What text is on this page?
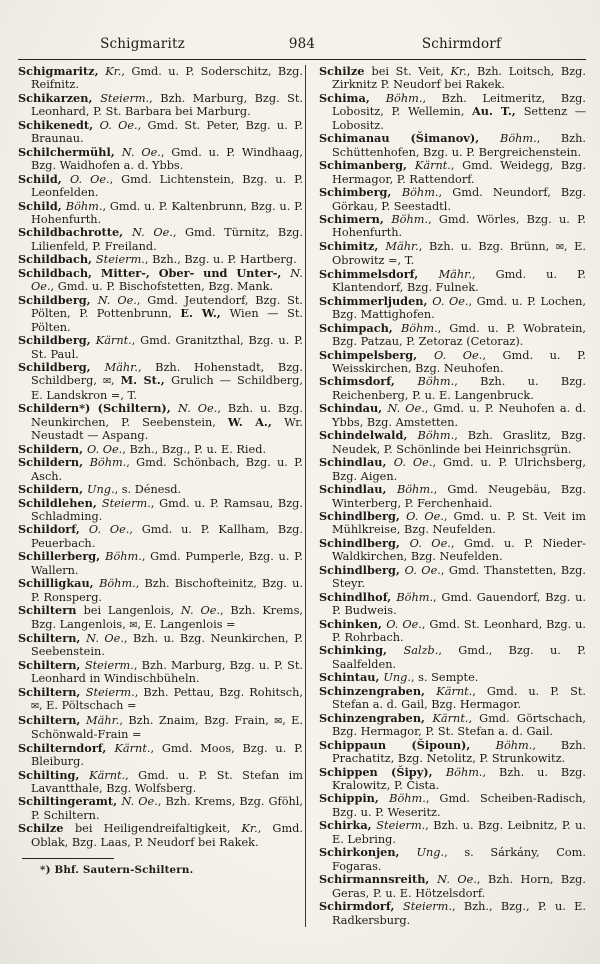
Schigmaritz	984	Schirmdorf

Schigmaritz, Kr., Gmd. u. P. Soderschitz, Bzg. Reifnitz.

Schikarzen, Steierm., Bzh. Marburg, Bzg. St. Leonhard, P. St. Barbara bei Marburg.

Schikenedt, O. Oe., Gmd. St. Peter, Bzg. u. P. Braunau.

Schilchermühl, N. Oe., Gmd. u. P. Windhaag, Bzg. Waidhofen a. d. Ybbs.

Schild, O. Oe., Gmd. Lichtenstein, Bzg. u. P. Leonfelden.

Schild, Böhm., Gmd. u. P. Kaltenbrunn, Bzg. u. P. Hohenfurth.

Schildbachrotte, N. Oe., Gmd. Türnitz, Bzg. Lilienfeld, P. Freiland.

Schildbach, Steierm., Bzh., Bzg. u. P. Hartberg.

Schildbach, Mitter-, Ober- und Unter-, N. Oe., Gmd. u. P. Bischofstetten, Bzg. Mank.

Schildberg, N. Oe., Gmd. Jeutendorf, Bzg. St. Pölten, P. Pottenbrunn, E. W., Wien — St. Pölten.

Schildberg, Kärnt., Gmd. Granitzthal, Bzg. u. P. St. Paul.

Schildberg, Mähr., Bzh. Hohenstadt, Bzg. Schildberg, ✉, M. St., Grulich — Schildberg, E. Landskron =, T.

Schildern*) (Schiltern), N. Oe., Bzh. u. Bzg. Neunkirchen, P. Seebenstein, W. A., Wr. Neustadt — Aspang.

Schildern, O. Oe., Bzh., Bzg., P. u. E. Ried.

Schildern, Böhm., Gmd. Schönbach, Bzg. u. P. Asch.

Schildern, Ung., s. Dénesd.

Schildlehen, Steierm., Gmd. u. P. Ramsau, Bzg. Schladming.

Schildorf, O. Oe., Gmd. u. P. Kallham, Bzg. Peuerbach.

Schillerberg, Böhm., Gmd. Pumperle, Bzg. u. P. Wallern.

Schilligkau, Böhm., Bzh. Bischofteinitz, Bzg. u. P. Ronsperg.

Schiltern bei Langenlois, N. Oe., Bzh. Krems, Bzg. Langenlois, ✉, E. Langenlois =

Schiltern, N. Oe., Bzh. u. Bzg. Neunkirchen, P. Seebenstein.

Schiltern, Steierm., Bzh. Marburg, Bzg. u. P. St. Leonhard in Windischbüheln.

Schiltern, Steierm., Bzh. Pettau, Bzg. Rohitsch, ✉, E. Pöltschach =

Schiltern, Mähr., Bzh. Znaim, Bzg. Frain, ✉, E. Schönwald-Frain =

Schilterndorf, Kärnt., Gmd. Moos, Bzg. u. P. Bleiburg.

Schilting, Kärnt., Gmd. u. P. St. Stefan im Lavantthale, Bzg. Wolfsberg.

Schiltingeramt, N. Oe., Bzh. Krems, Bzg. Gföhl, P. Schiltern.

Schilze bei Heiligendreifaltigkeit, Kr., Gmd. Oblak, Bzg. Laas, P. Neudorf bei Rakek.

*) Bhf. Sautern-Schiltern.

Schilze bei St. Veit, Kr., Bzh. Loitsch, Bzg. Zirknitz P. Neudorf bei Rakek.

Schima, Böhm., Bzh. Leitmeritz, Bzg. Lobositz, P. Wellemin, Au. T., Settenz — Lobositz.

Schimanau (Šimanov), Böhm., Bzh. Schüttenhofen, Bzg. u. P. Bergreichenstein.

Schimanberg, Kärnt., Gmd. Weidegg, Bzg. Hermagor, P. Rattendorf.

Schimberg, Böhm., Gmd. Neundorf, Bzg. Görkau, P. Seestadtl.

Schimern, Böhm., Gmd. Wörles, Bzg. u. P. Hohenfurth.

Schimitz, Mähr., Bzh. u. Bzg. Brünn, ✉, E. Obrowitz =, T.

Schimmelsdorf, Mähr., Gmd. u. P. Klantendorf, Bzg. Fulnek.

Schimmerljuden, O. Oe., Gmd. u. P. Lochen, Bzg. Mattighofen.

Schimpach, Böhm., Gmd. u. P. Wobratein, Bzg. Patzau, P. Zetoraz (Cetoraz).

Schimpelsberg, O. Oe., Gmd. u. P. Weisskirchen, Bzg. Neuhofen.

Schimsdorf, Böhm., Bzh. u. Bzg. Reichenberg, P. u. E. Langenbruck.

Schindau, N. Oe., Gmd. u. P. Neuhofen a. d. Ybbs, Bzg. Amstetten.

Schindelwald, Böhm., Bzh. Graslitz, Bzg. Neudek, P. Schönlinde bei Heinrichsgrün.

Schindlau, O. Oe., Gmd. u. P. Ulrichsberg, Bzg. Aigen.

Schindlau, Böhm., Gmd. Neugebäu, Bzg. Winterberg, P. Ferchenhaid.

Schindlberg, O. Oe., Gmd. u. P. St. Veit im Mühlkreise, Bzg. Neufelden.

Schindlberg, O. Oe., Gmd. u. P. Nieder-Waldkirchen, Bzg. Neufelden.

Schindlberg, O. Oe., Gmd. Thanstetten, Bzg. Steyr.

Schindlhof, Böhm., Gmd. Gauendorf, Bzg. u. P. Budweis.

Schinken, O. Oe., Gmd. St. Leonhard, Bzg. u. P. Rohrbach.

Schinking, Salzb., Gmd., Bzg. u. P. Saalfelden.

Schintau, Ung., s. Sempte.

Schinzengraben, Kärnt., Gmd. u. P. St. Stefan a. d. Gail, Bzg. Hermagor.

Schinzengraben, Kärnt., Gmd. Görtschach, Bzg. Hermagor, P. St. Stefan a. d. Gail.

Schippaun (Šipoun), Böhm., Bzh. Prachatitz, Bzg. Netolitz, P. Strunkowitz.

Schippen (Šipy), Böhm., Bzh. u. Bzg. Kralowitz, P. Čista.

Schippin, Böhm., Gmd. Scheiben-Radisch, Bzg. u. P. Weseritz.

Schirka, Steierm., Bzh. u. Bzg. Leibnitz, P. u. E. Lebring.

Schirkonjen, Ung., s. Sárkány, Com. Fogaras.

Schirmannsreith, N. Oe., Bzh. Horn, Bzg. Geras, P. u. E. Hötzelsdorf.

Schirmdorf, Steierm., Bzh., Bzg., P. u. E. Radkersburg.
